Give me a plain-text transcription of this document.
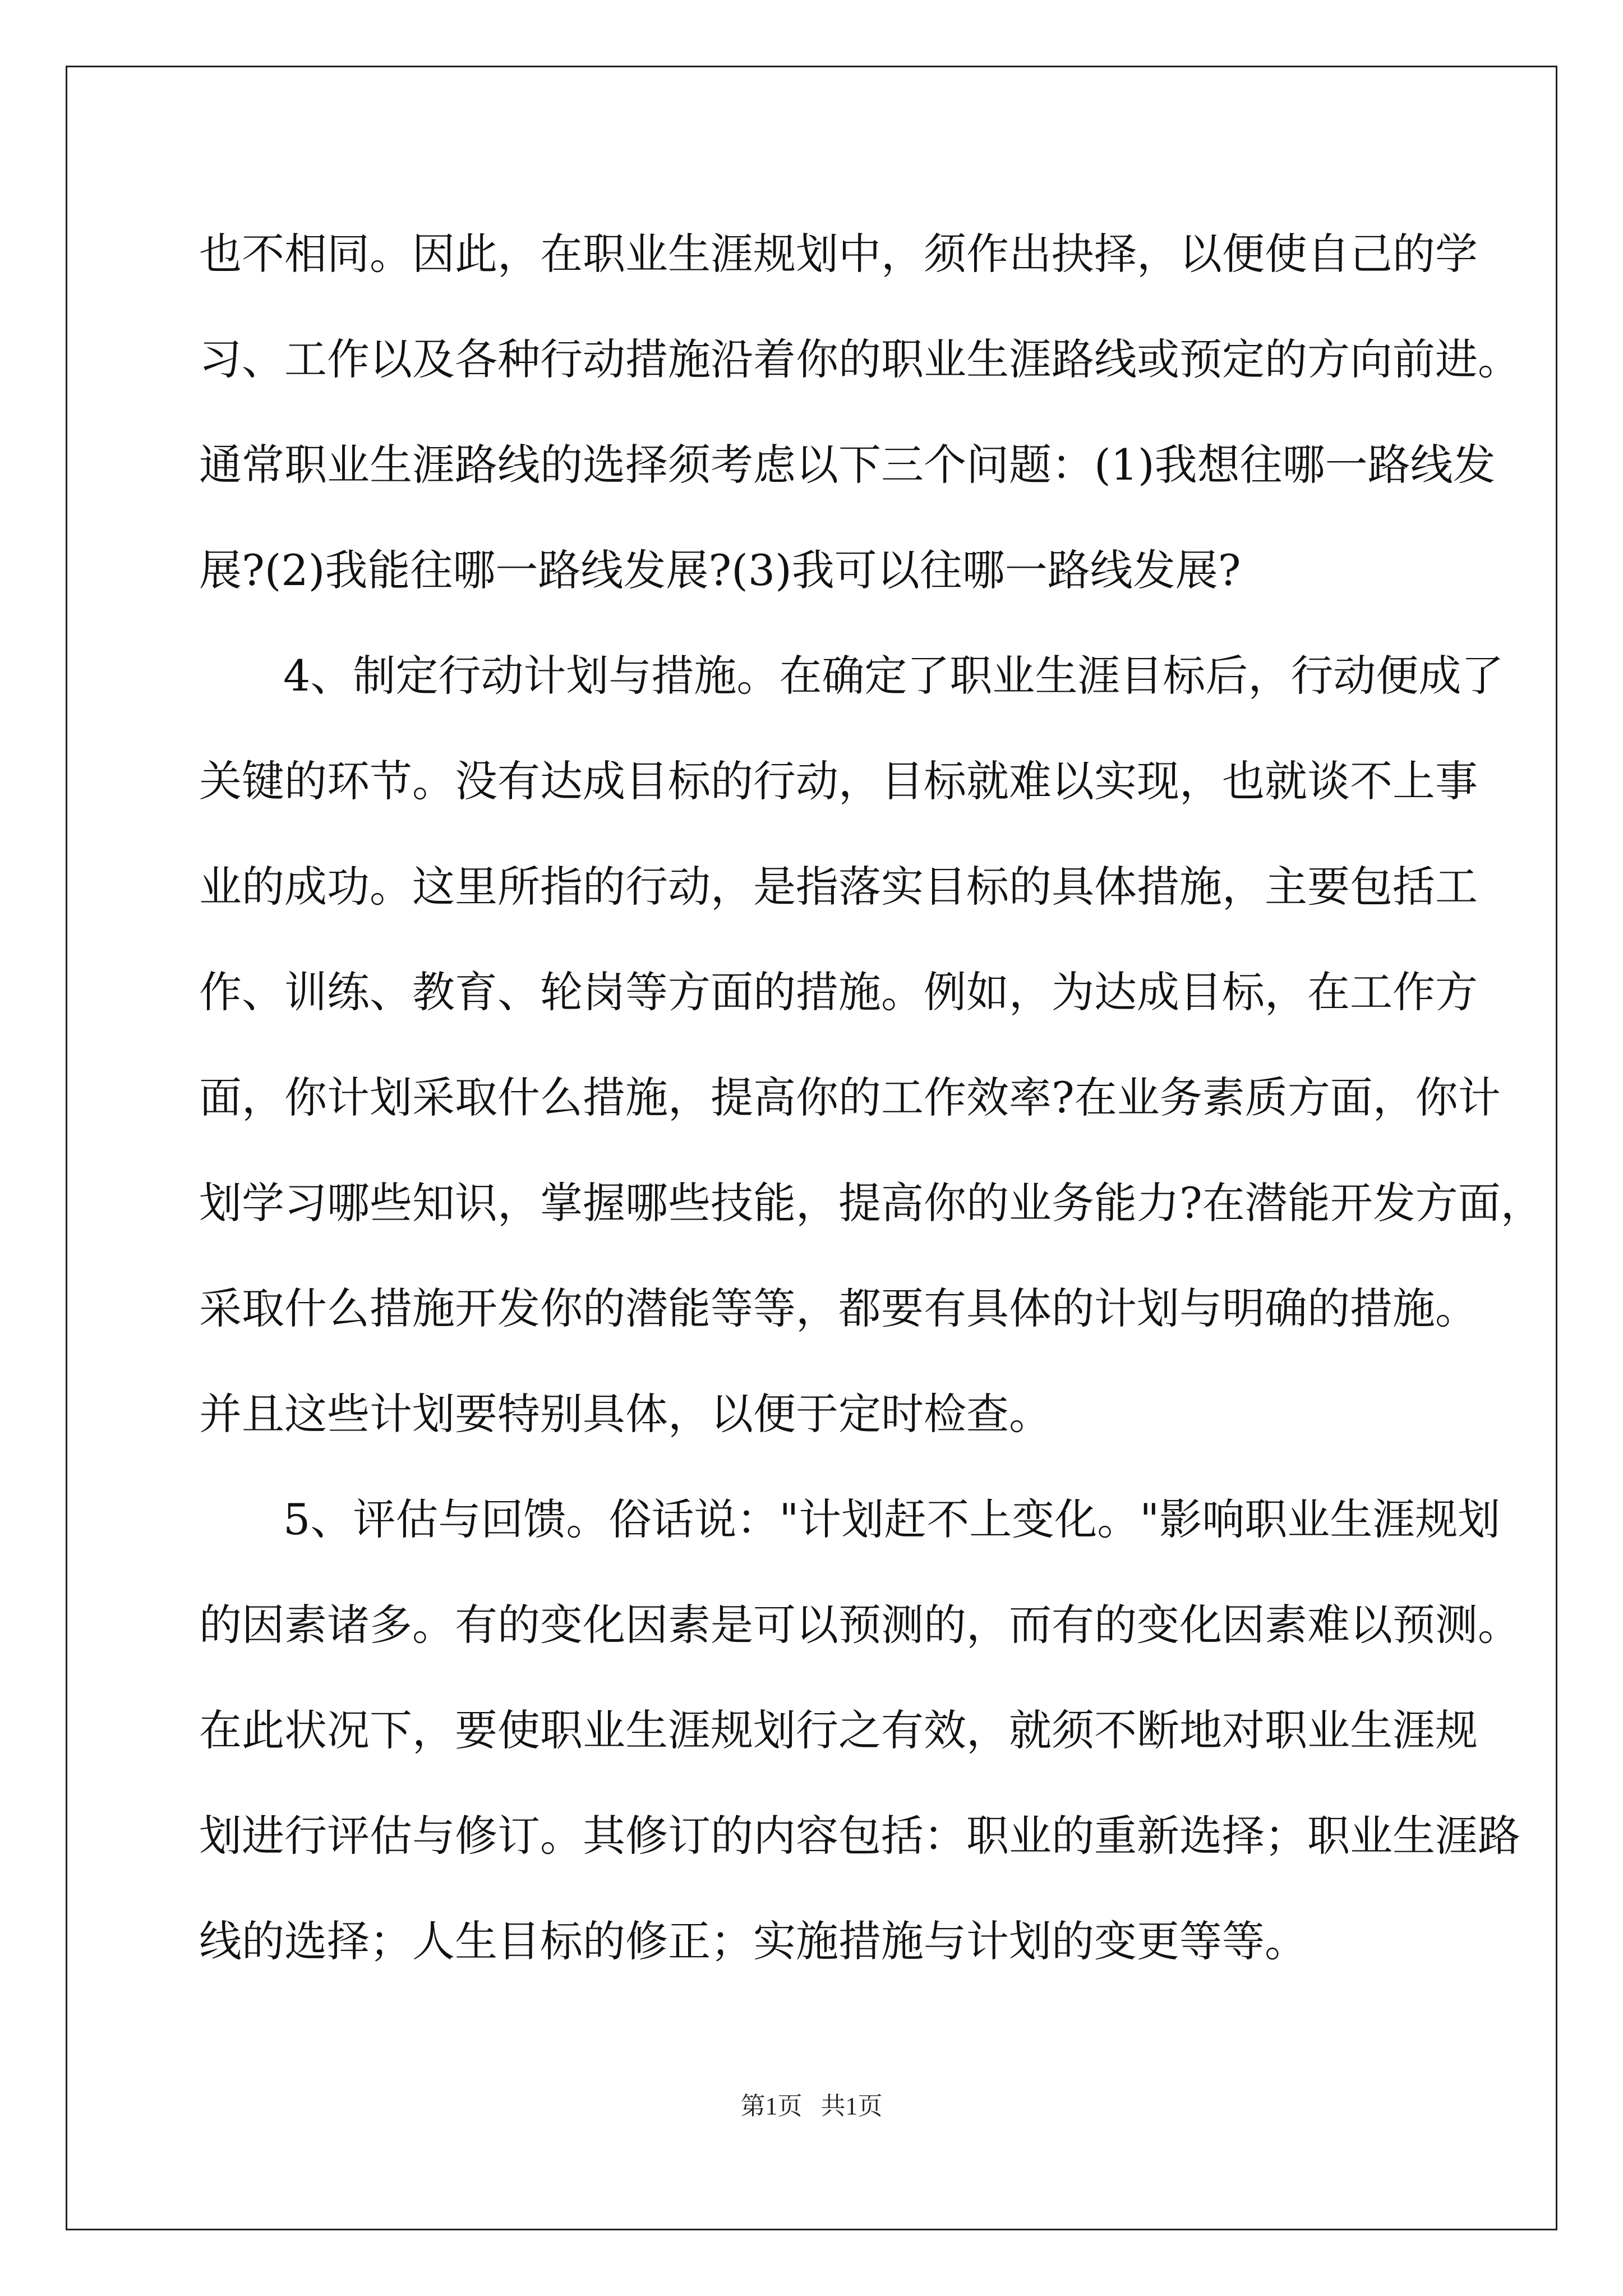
也不相同。因此，在职业生涯规划中，须作出抉择，以便使自己的学
习、工作以及各种行动措施沿着你的职业生涯路线或预定的方向前进。
通常职业生涯路线的选择须考虑以下三个问题：(1)我想往哪一路线发
展?(2)我能往哪一路线发展?(3)我可以往哪一路线发展?
4、制定行动计划与措施。在确定了职业生涯目标后，行动便成了
关键的环节。没有达成目标的行动，目标就难以实现，也就谈不上事
业的成功。这里所指的行动，是指落实目标的具体措施，主要包括工
作、训练、教育、轮岗等方面的措施。例如，为达成目标，在工作方
面，你计划采取什么措施，提高你的工作效率?在业务素质方面，你计
划学习哪些知识，掌握哪些技能，提高你的业务能力?在潜能开发方面，
采取什么措施开发你的潜能等等，都要有具体的计划与明确的措施。
并且这些计划要特别具体，以便于定时检查。
5、评估与回馈。俗话说："计划赶不上变化。"影响职业生涯规划
的因素诸多。有的变化因素是可以预测的，而有的变化因素难以预测。
在此状况下，要使职业生涯规划行之有效，就须不断地对职业生涯规
划进行评估与修订。其修订的内容包括：职业的重新选择；职业生涯路
线的选择；人生目标的修正；实施措施与计划的变更等等。
第1页   共1页
